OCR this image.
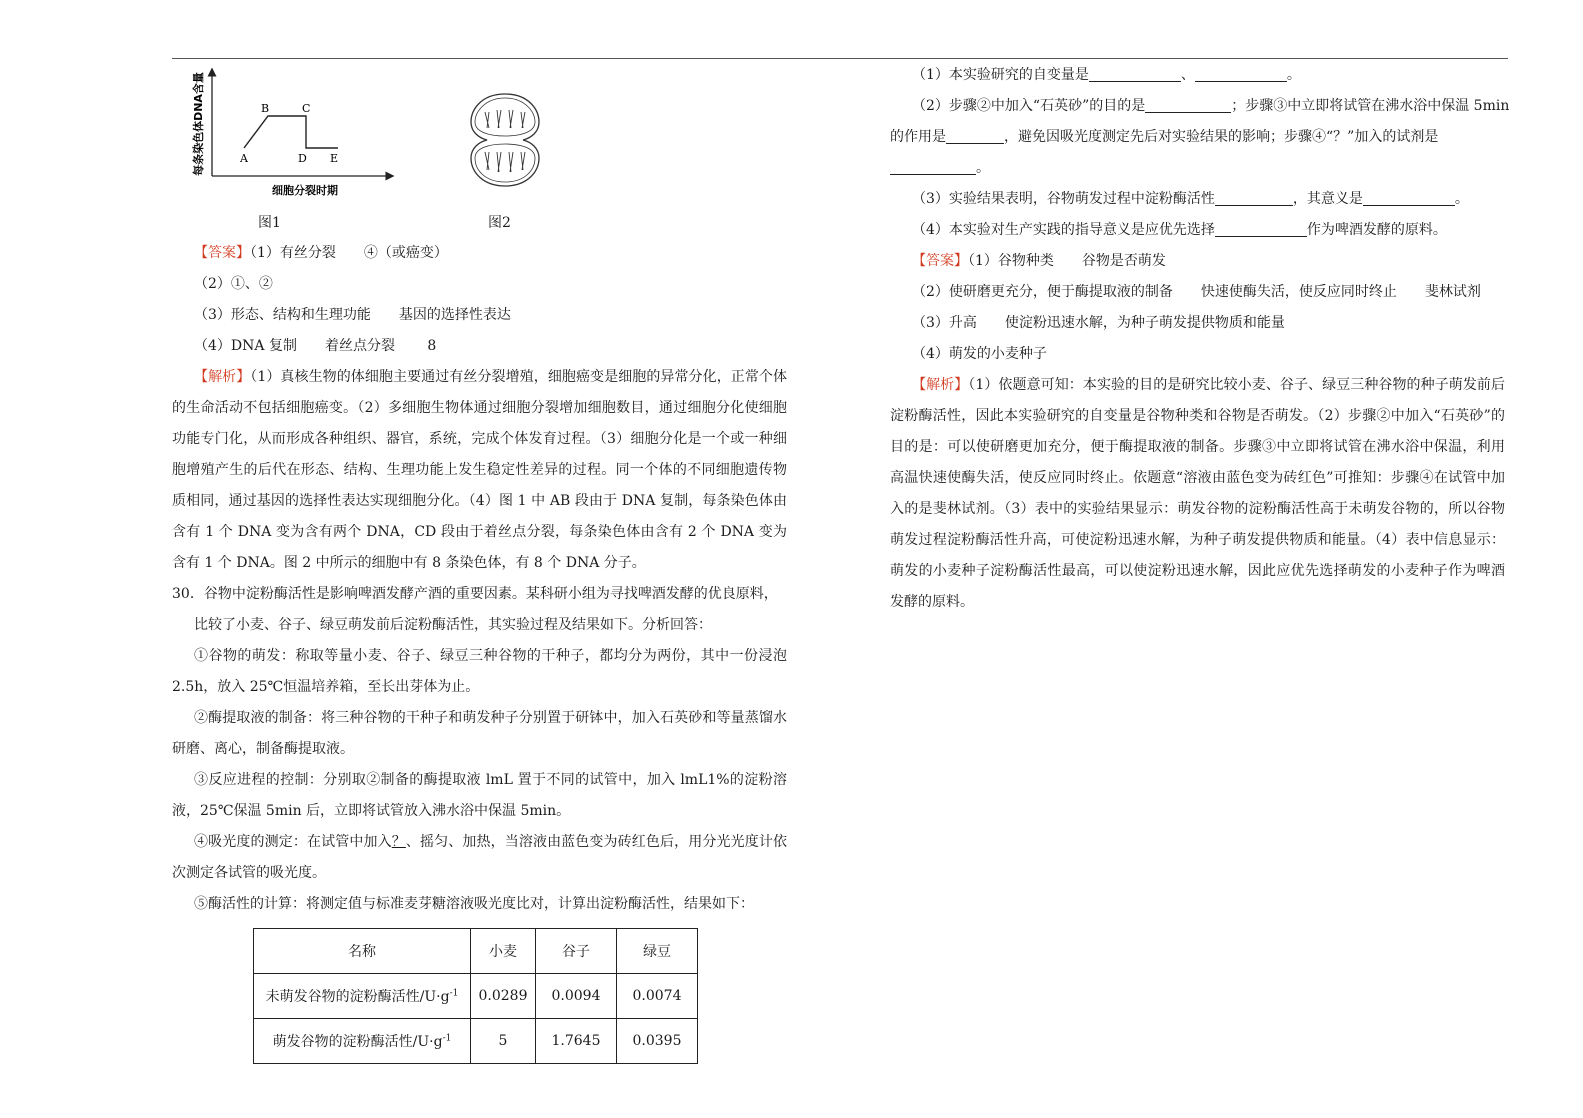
每条染色体DNA含量	A
B	C
D E
细胞分裂时期
图1	图2
【答案】（1）有丝分裂　　④（或癌变）
（2）①、②
（3）形态、结构和生理功能　　基因的选择性表达
（4）DNA 复制　　着丝点分裂　　 8
【解析】（1）真核生物的体细胞主要通过有丝分裂增殖，细胞癌变是细胞的异常分化，正常个体的生命活动不包括细胞癌变。（2）多细胞生物体通过细胞分裂增加细胞数目，通过细胞分化使细胞功能专门化，从而形成各种组织、器官，系统，完成个体发育过程。（3）细胞分化是一个或一种细胞增殖产生的后代在形态、结构、生理功能上发生稳定性差异的过程。同一个体的不同细胞遗传物质相同，通过基因的选择性表达实现细胞分化。（4）图 1 中 AB 段由于 DNA 复制，每条染色体由含有 1 个 DNA 变为含有两个 DNA，CD 段由于着丝点分裂，每条染色体由含有 2 个 DNA 变为含有 1 个 DNA。图 2 中所示的细胞中有 8 条染色体，有 8 个 DNA 分子。
30．谷物中淀粉酶活性是影响啤酒发酵产酒的重要因素。某科研小组为寻找啤酒发酵的优良原料，
比较了小麦、谷子、绿豆萌发前后淀粉酶活性，其实验过程及结果如下。分析回答：
①谷物的萌发：称取等量小麦、谷子、绿豆三种谷物的干种子，都均分为两份，其中一份浸泡 2.5h，放入 25℃恒温培养箱，至长出芽体为止。
②酶提取液的制备：将三种谷物的干种子和萌发种子分别置于研钵中，加入石英砂和等量蒸馏水研磨、离心，制备酶提取液。
③反应进程的控制：分别取②制备的酶提取液 lmL 置于不同的试管中，加入 lmL1%的淀粉溶液，25℃保温 5min 后，立即将试管放入沸水浴中保温 5min。
④吸光度的测定：在试管中加入？、摇匀、加热，当溶液由蓝色变为砖红色后，用分光光度计依次测定各试管的吸光度。
⑤酶活性的计算：将测定值与标准麦芽糖溶液吸光度比对，计算出淀粉酶活性，结果如下：
名称	小麦	谷子	绿豆
未萌发谷物的淀粉酶活性$/U\cdot g^{-1}$	0.0289	0.0094	0.0074
萌发谷物的淀粉酶活性$/U\cdot g^{-1}$	5	1.7645	0.0395
（1）本实验研究的自变量是	、	。
（2）步骤②中加入“石英砂”的目的是	；步骤③中立即将试管在沸水浴中保温 5min
的作用是	，避免因吸光度测定先后对实验结果的影响；步骤④“？”加入的试剂是
。
（3）实验结果表明，谷物萌发过程中淀粉酶活性	，其意义是	。
（4）本实验对生产实践的指导意义是应优先选择	作为啤酒发酵的原料。
【答案】（1）谷物种类　　谷物是否萌发
（2）使研磨更充分，便于酶提取液的制备　　快速使酶失活，使反应同时终止　　斐林试剂
（3）升高　　使淀粉迅速水解，为种子萌发提供物质和能量
（4）萌发的小麦种子
【解析】（1）依题意可知：本实验的目的是研究比较小麦、谷子、绿豆三种谷物的种子萌发前后淀粉酶活性，因此本实验研究的自变量是谷物种类和谷物是否萌发。（2）步骤②中加入“石英砂”的目的是：可以使研磨更加充分，便于酶提取液的制备。步骤③中立即将试管在沸水浴中保温，利用高温快速使酶失活，使反应同时终止。依题意“溶液由蓝色变为砖红色”可推知：步骤④在试管中加入的是斐林试剂。（3）表中的实验结果显示：萌发谷物的淀粉酶活性高于未萌发谷物的，所以谷物萌发过程淀粉酶活性升高，可使淀粉迅速水解，为种子萌发提供物质和能量。（4）表中信息显示：萌发的小麦种子淀粉酶活性最高，可以使淀粉迅速水解，因此应优先选择萌发的小麦种子作为啤酒发酵的原料。
